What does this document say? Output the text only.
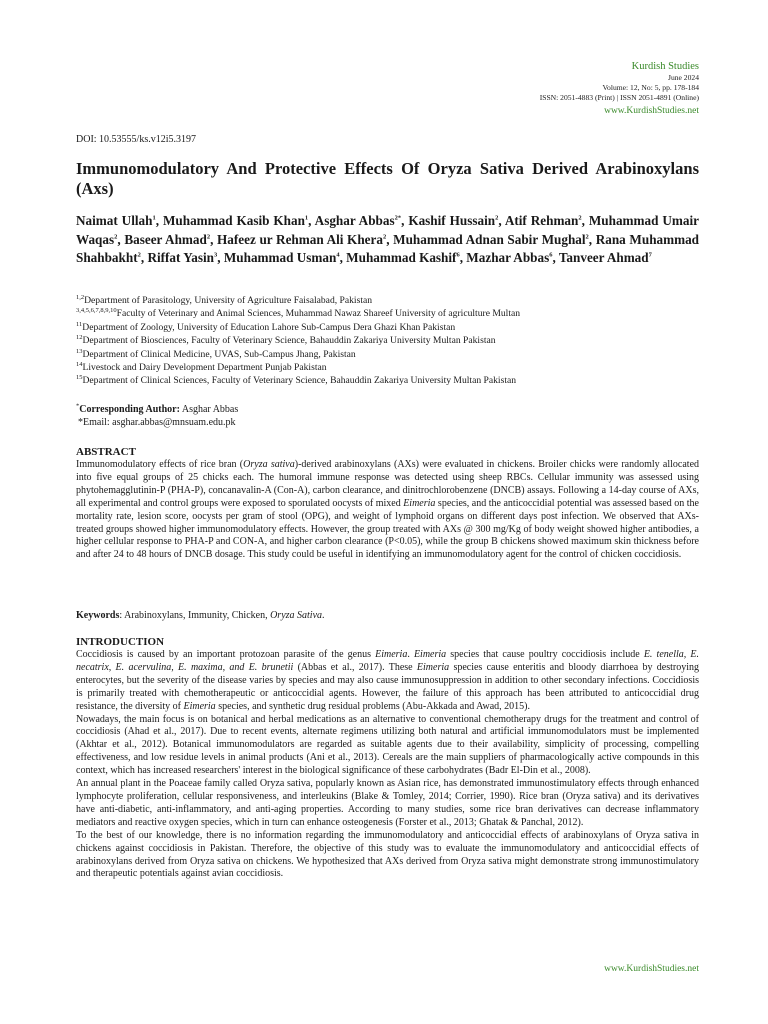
Kurdish Studies
June 2024
Volume: 12, No: 5, pp. 178-184
ISSN: 2051-4883 (Print) | ISSN 2051-4891 (Online)
www.KurdishStudies.net
DOI: 10.53555/ks.v12i5.3197
Immunomodulatory And Protective Effects Of Oryza Sativa Derived Arabinoxylans (Axs)
Naimat Ullah$^1$, Muhammad Kasib Khan$^1$, Asghar Abbas$^{2*}$, Kashif Hussain$^2$, Atif Rehman$^2$, Muhammad Umair Waqas$^2$, Baseer Ahmad$^2$, Hafeez ur Rehman Ali Khera$^2$, Muhammad Adnan Sabir Mughal$^2$, Rana Muhammad Shahbakht$^2$, Riffat Yasin$^3$, Muhammad Usman$^4$, Muhammad Kashif$^6$, Mazhar Abbas$^6$, Tanveer Ahmad$^7$
$^{1,2}$Department of Parasitology, University of Agriculture Faisalabad, Pakistan
$^{3,4,5,6,7,8,9,10}$Faculty of Veterinary and Animal Sciences, Muhammad Nawaz Shareef University of agriculture Multan
$^{11}$Department of Zoology, University of Education Lahore Sub-Campus Dera Ghazi Khan Pakistan
$^{12}$Department of Biosciences, Faculty of Veterinary Science, Bahauddin Zakariya University Multan Pakistan
$^{13}$Department of Clinical Medicine, UVAS, Sub-Campus Jhang, Pakistan
$^{14}$Livestock and Dairy Development Department Punjab Pakistan
$^{15}$Department of Clinical Sciences, Faculty of Veterinary Science, Bahauddin Zakariya University Multan Pakistan
*Corresponding Author: Asghar Abbas
*Email: asghar.abbas@mnsuam.edu.pk
ABSTRACT
Immunomodulatory effects of rice bran (Oryza sativa)-derived arabinoxylans (AXs) were evaluated in chickens. Broiler chicks were randomly allocated into five equal groups of 25 chicks each. The humoral immune response was detected using sheep RBCs. Cellular immunity was assessed using phytohemagglutinin-P (PHA-P), concanavalin-A (Con-A), carbon clearance, and dinitrochlorobenzene (DNCB) assays. Following a 14-day course of AXs, all experimental and control groups were exposed to sporulated oocysts of mixed Eimeria species, and the anticoccidial potential was assessed based on the mortality rate, lesion score, oocysts per gram of stool (OPG), and weight of lymphoid organs on different days post infection. We observed that AXs-treated groups showed higher immunomodulatory effects. However, the group treated with AXs @ 300 mg/Kg of body weight showed higher antibodies, a higher cellular response to PHA-P and CON-A, and higher carbon clearance (P<0.05), while the group B chickens showed maximum skin thickness before and after 24 to 48 hours of DNCB dosage. This study could be useful in identifying an immunomodulatory agent for the control of chicken coccidiosis.
Keywords: Arabinoxylans, Immunity, Chicken, Oryza Sativa.
INTRODUCTION

Coccidiosis is caused by an important protozoan parasite of the genus Eimeria. Eimeria species that cause poultry coccidiosis include E. tenella, E. necatrix, E. acervulina, E. maxima, and E. brunetii (Abbas et al., 2017). These Eimeria species cause enteritis and bloody diarrhoea by destroying enterocytes, but the severity of the disease varies by species and may also cause immunosuppression in addition to other secondary infections. Coccidiosis is primarily treated with chemotherapeutic or anticoccidial agents. However, the failure of this approach has been attributed to anticoccidial drug resistance, the diversity of Eimeria species, and synthetic drug residual problems (Abu-Akkada and Awad, 2015).

Nowadays, the main focus is on botanical and herbal medications as an alternative to conventional chemotherapy drugs for the treatment and control of coccidiosis (Ahad et al., 2017). Due to recent events, alternate regimens utilizing both natural and artificial immunomodulators must be implemented (Akhtar et al., 2012). Botanical immunomodulators are regarded as suitable agents due to their availability, simplicity of processing, compelling effectiveness, and low residue levels in animal products (Ani et al., 2013). Cereals are the main suppliers of pharmacologically active compounds in this context, which has increased researchers' interest in the biological significance of these carbohydrates (Badr El-Din et al., 2008).

An annual plant in the Poaceae family called Oryza sativa, popularly known as Asian rice, has demonstrated immunostimulatory effects through enhanced lymphocyte proliferation, cellular responsiveness, and interleukins (Blake & Tomley, 2014; Corrier, 1990). Rice bran (Oryza sativa) and its derivatives have anti-diabetic, anti-inflammatory, and anti-aging properties. According to many studies, some rice bran derivatives can decrease inflammatory mediators and reactive oxygen species, which in turn can enhance osteogenesis (Forster et al., 2013; Ghatak & Panchal, 2012).

To the best of our knowledge, there is no information regarding the immunomodulatory and anticoccidial effects of arabinoxylans of Oryza sativa in chickens against coccidiosis in Pakistan. Therefore, the objective of this study was to evaluate the immunomodulatory and anticoccidial effects of arabinoxylans derived from Oryza sativa on chickens. We hypothesized that AXs derived from Oryza sativa might demonstrate strong immunostimulatory and therapeutic potentials against avian coccidiosis.

www.KurdishStudies.net
